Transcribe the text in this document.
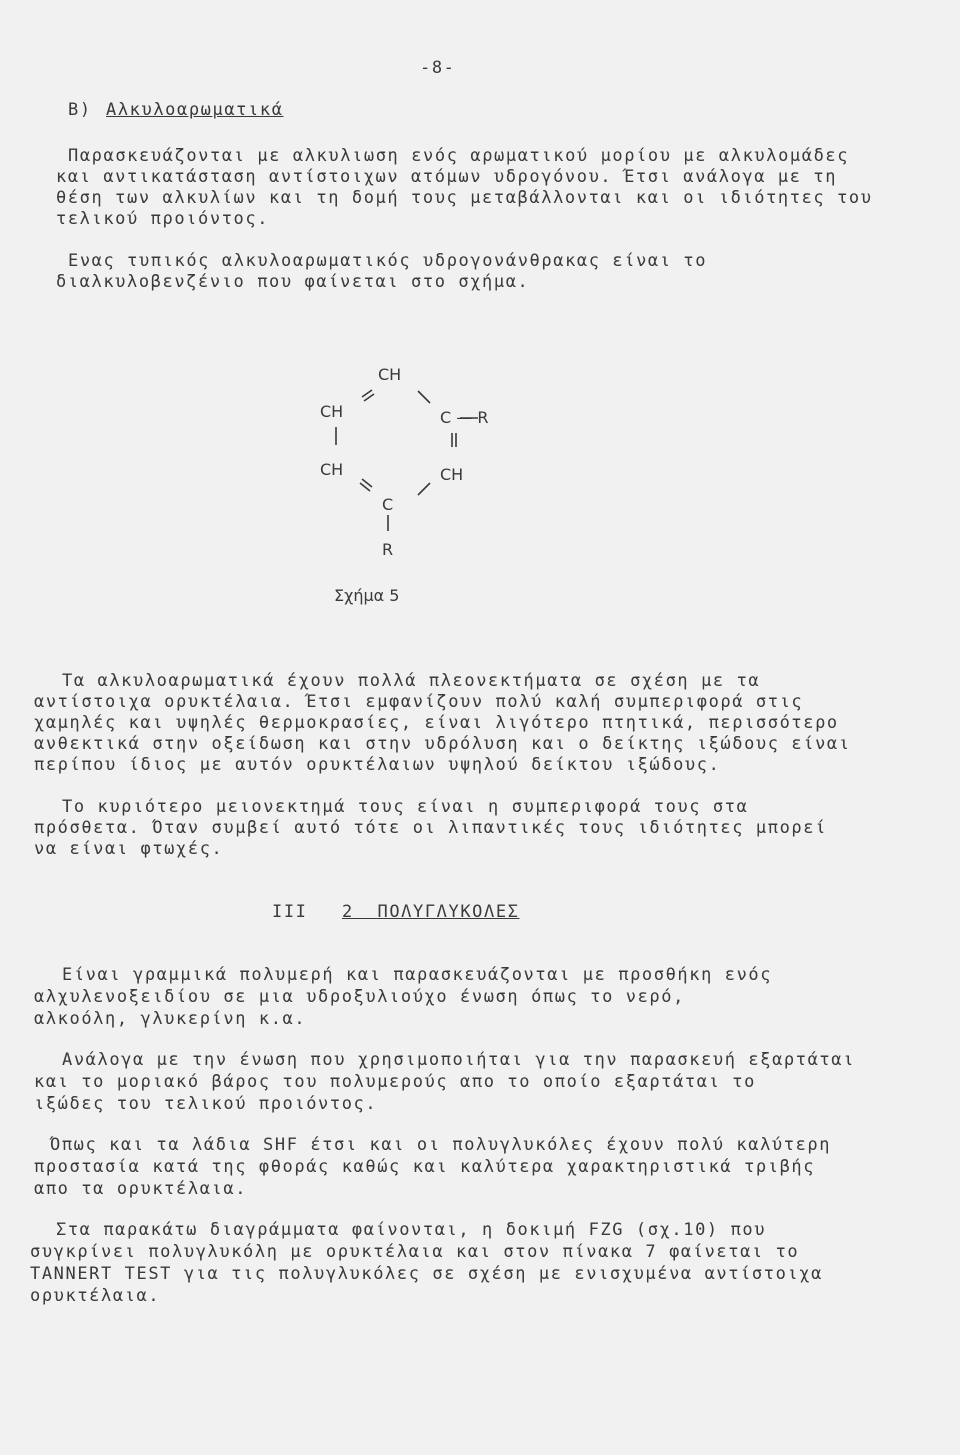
-8-
Β) Αλκυλοαρωματικά
Παρασκευάζονται με αλκυλιωση ενός αρωματικού μορίου με αλκυλομάδες
και αντικατάσταση αντίστοιχων ατόμων υδρογόνου. Έτσι ανάλογα με τη
θέση των αλκυλίων και τη δομή τους μεταβάλλονται και οι ιδιότητες του
τελικού προιόντος.
Ενας τυπικός αλκυλοαρωματικός υδρογονάνθρακας είναι το
διαλκυλοβενζένιο που φαίνεται στο σχήμα.
CH
CH	C — R
CH	CH
C
R
Σχήμα 5
Τα αλκυλοαρωματικά έχουν πολλά πλεονεκτήματα σε σχέση με τα
αντίστοιχα ορυκτέλαια. Έτσι εμφανίζουν πολύ καλή συμπεριφορά στις
χαμηλές και υψηλές θερμοκρασίες, είναι λιγότερο πτητικά, περισσότερο
ανθεκτικά στην οξείδωση και στην υδρόλυση και ο δείκτης ιξώδους είναι
περίπου ίδιος με αυτόν ορυκτέλαιων υψηλού δείκτου ιξώδους.
Το κυριότερο μειονεκτημά τους είναι η συμπεριφορά τους στα
πρόσθετα. Όταν συμβεί αυτό τότε οι λιπαντικές τους ιδιότητες μπορεί
να είναι φτωχές.
III 2  ΠΟΛΥΓΛΥΚΟΛΕΣ
Είναι γραμμικά πολυμερή και παρασκευάζονται με προσθήκη ενός
αλχυλενοξειδίου σε μια υδροξυλιούχο ένωση όπως το νερό,
αλκοόλη, γλυκερίνη κ.α.
Ανάλογα με την ένωση που χρησιμοποιήται για την παρασκευή εξαρτάται
και το μοριακό βάρος του πολυμερούς απο το οποίο εξαρτάται το
ιξώδες του τελικού προιόντος.
Όπως και τα λάδια SHF έτσι και οι πολυγλυκόλες έχουν πολύ καλύτερη
προστασία κατά της φθοράς καθώς και καλύτερα χαρακτηριστικά τριβής
απο τα ορυκτέλαια.
Στα παρακάτω διαγράμματα φαίνονται, η δοκιμή FZG (σχ.10) που
συγκρίνει πολυγλυκόλη με ορυκτέλαια και στον πίνακα 7 φαίνεται το
TANNERT TEST για τις πολυγλυκόλες σε σχέση με ενισχυμένα αντίστοιχα
ορυκτέλαια.
